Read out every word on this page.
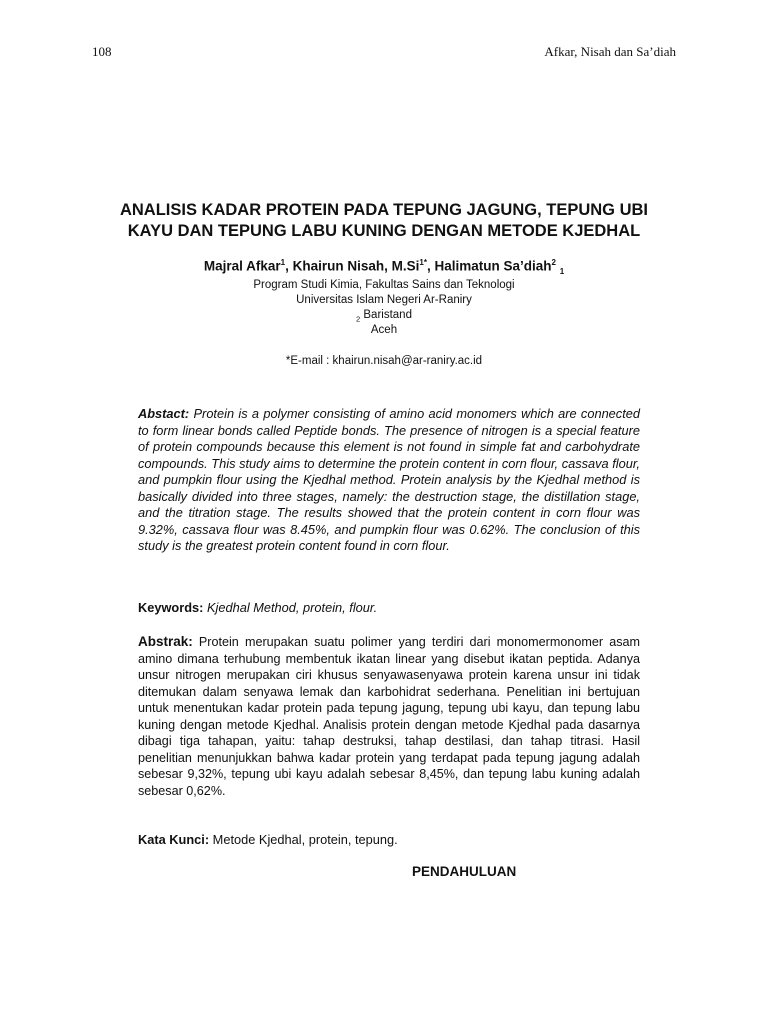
108	Afkar, Nisah dan Sa’diah
ANALISIS KADAR PROTEIN PADA TEPUNG JAGUNG, TEPUNG UBI
KAYU DAN TEPUNG LABU KUNING DENGAN METODE KJEDHAL
Majral Afkar$^1$, Khairun Nisah, $M.Si^{1*}$, Halimatun Sa’diah$^2$ $_1$
Program Studi Kimia, Fakultas Sains dan Teknologi
Universitas Islam Negeri Ar-Raniry
$_2$ Baristand
Aceh
*E-mail : khairun.nisah@ar-raniry.ac.id

Abstact: Protein is a polymer consisting of amino acid monomers which are connected to form linear bonds called Peptide bonds. The presence of nitrogen is a special feature of protein compounds because this element is not found in simple fat and carbohydrate compounds. This study aims to determine the protein content in corn flour, cassava flour, and pumpkin flour using the Kjedhal method. Protein analysis by the Kjedhal method is basically divided into three stages, namely: the destruction stage, the distillation stage, and the titration stage. The results showed that the protein content in corn flour was 9.32%, cassava flour was 8.45%, and pumpkin flour was 0.62%. The conclusion of this study is the greatest protein content found in corn flour.

Keywords: Kjedhal Method, protein, flour.

Abstrak: Protein merupakan suatu polimer yang terdiri dari monomermonomer asam amino dimana terhubung membentuk ikatan linear yang disebut ikatan peptida. Adanya unsur nitrogen merupakan ciri khusus senyawasenyawa protein karena unsur ini tidak ditemukan dalam senyawa lemak dan karbohidrat sederhana. Penelitian ini bertujuan untuk menentukan kadar protein pada tepung jagung, tepung ubi kayu, dan tepung labu kuning dengan metode Kjedhal. Analisis protein dengan metode Kjedhal pada dasarnya dibagi tiga tahapan, yaitu: tahap destruksi, tahap destilasi, dan tahap titrasi. Hasil penelitian menunjukkan bahwa kadar protein yang terdapat pada tepung jagung adalah sebesar 9,32%, tepung ubi kayu adalah sebesar 8,45%, dan tepung labu kuning adalah sebesar 0,62%.

Kata Kunci: Metode Kjedhal, protein, tepung.

PENDAHULUAN
